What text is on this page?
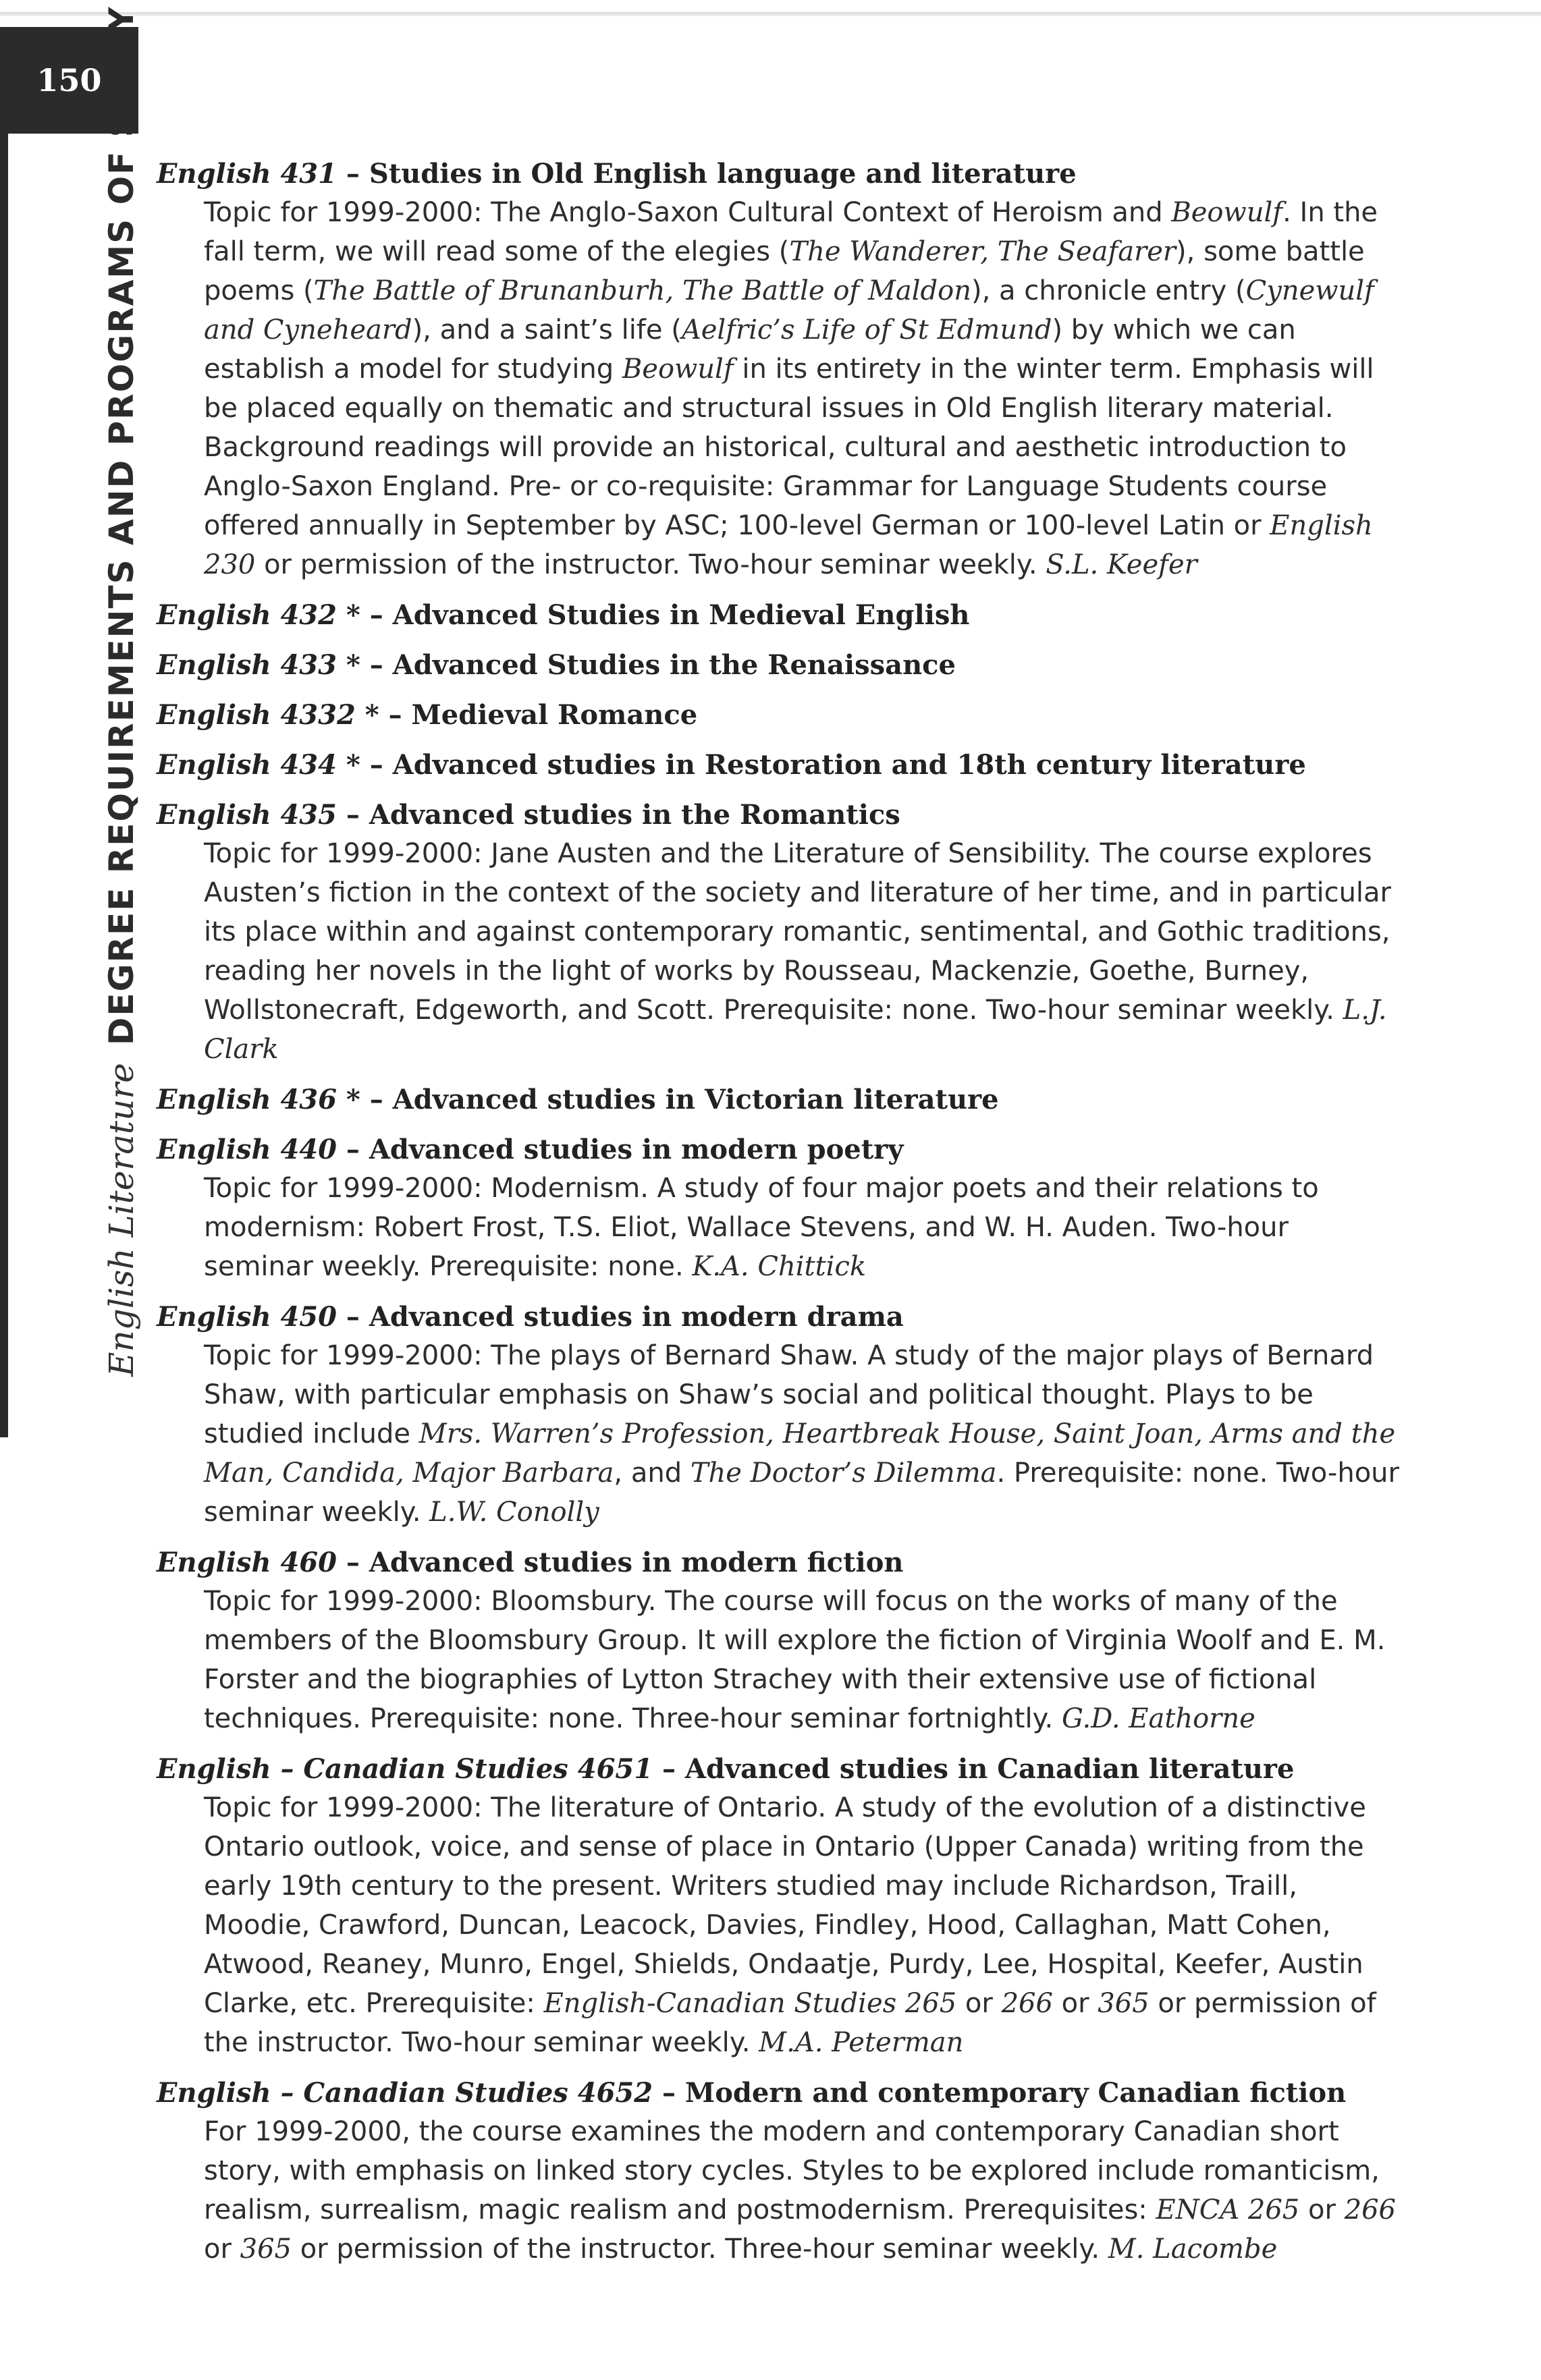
150
English LiteratureDEGREE REQUIREMENTS AND PROGRAMS OF STUDY English 431 – Studies in Old English language and literature
Topic for 1999-2000: The Anglo-Saxon Cultural Context of Heroism and Beowulf. In the fall term, we will read some of the elegies (The Wanderer, The Seafarer), some battle poems (The Battle of Brunanburh, The Battle of Maldon), a chronicle entry (Cynewulf and Cyneheard), and a saint’s life (Aelfric’s Life of St Edmund) by which we can establish a model for studying Beowulf in its entirety in the winter term. Emphasis will be placed equally on thematic and structural issues in Old English literary material. Background readings will provide an historical, cultural and aesthetic introduction to Anglo-Saxon England. Pre- or co-requisite: Grammar for Language Students course offered annually in September by ASC; 100-level German or 100-level Latin or English 230 or permission of the instructor. Two-hour seminar weekly. S.L. Keefer
English 432 * – Advanced Studies in Medieval English
English 433 * – Advanced Studies in the Renaissance
English 4332 * – Medieval Romance
English 434 * – Advanced studies in Restoration and 18th century literature
English 435 – Advanced studies in the Romantics
Topic for 1999-2000: Jane Austen and the Literature of Sensibility. The course explores Austen’s fiction in the context of the society and literature of her time, and in particular its place within and against contemporary romantic, sentimental, and Gothic traditions, reading her novels in the light of works by Rousseau, Mackenzie, Goethe, Burney, Wollstonecraft, Edgeworth, and Scott. Prerequisite: none. Two-hour seminar weekly. L.J. Clark
English 436 * – Advanced studies in Victorian literature
English 440 – Advanced studies in modern poetry
Topic for 1999-2000: Modernism. A study of four major poets and their relations to modernism: Robert Frost, T.S. Eliot, Wallace Stevens, and W. H. Auden. Two-hour seminar weekly. Prerequisite: none. K.A. Chittick
English 450 – Advanced studies in modern drama
Topic for 1999-2000: The plays of Bernard Shaw. A study of the major plays of Bernard Shaw, with particular emphasis on Shaw’s social and political thought. Plays to be studied include Mrs. Warren’s Profession, Heartbreak House, Saint Joan, Arms and the Man, Candida, Major Barbara, and The Doctor’s Dilemma. Prerequisite: none. Two-hour seminar weekly. L.W. Conolly
English 460 – Advanced studies in modern fiction
Topic for 1999-2000: Bloomsbury. The course will focus on the works of many of the members of the Bloomsbury Group. It will explore the fiction of Virginia Woolf and E. M. Forster and the biographies of Lytton Strachey with their extensive use of fictional techniques. Prerequisite: none. Three-hour seminar fortnightly. G.D. Eathorne
English – Canadian Studies 4651 – Advanced studies in Canadian literature
Topic for 1999-2000: The literature of Ontario. A study of the evolution of a distinctive Ontario outlook, voice, and sense of place in Ontario (Upper Canada) writing from the early 19th century to the present. Writers studied may include Richardson, Traill, Moodie, Crawford, Duncan, Leacock, Davies, Findley, Hood, Callaghan, Matt Cohen, Atwood, Reaney, Munro, Engel, Shields, Ondaatje, Purdy, Lee, Hospital, Keefer, Austin Clarke, etc. Prerequisite: English-Canadian Studies 265 or 266 or 365 or permission of the instructor. Two-hour seminar weekly. M.A. Peterman
English – Canadian Studies 4652 – Modern and contemporary Canadian fiction
For 1999-2000, the course examines the modern and contemporary Canadian short story, with emphasis on linked story cycles. Styles to be explored include romanticism, realism, surrealism, magic realism and postmodernism. Prerequisites: ENCA 265 or 266 or 365 or permission of the instructor. Three-hour seminar weekly. M. Lacombe
